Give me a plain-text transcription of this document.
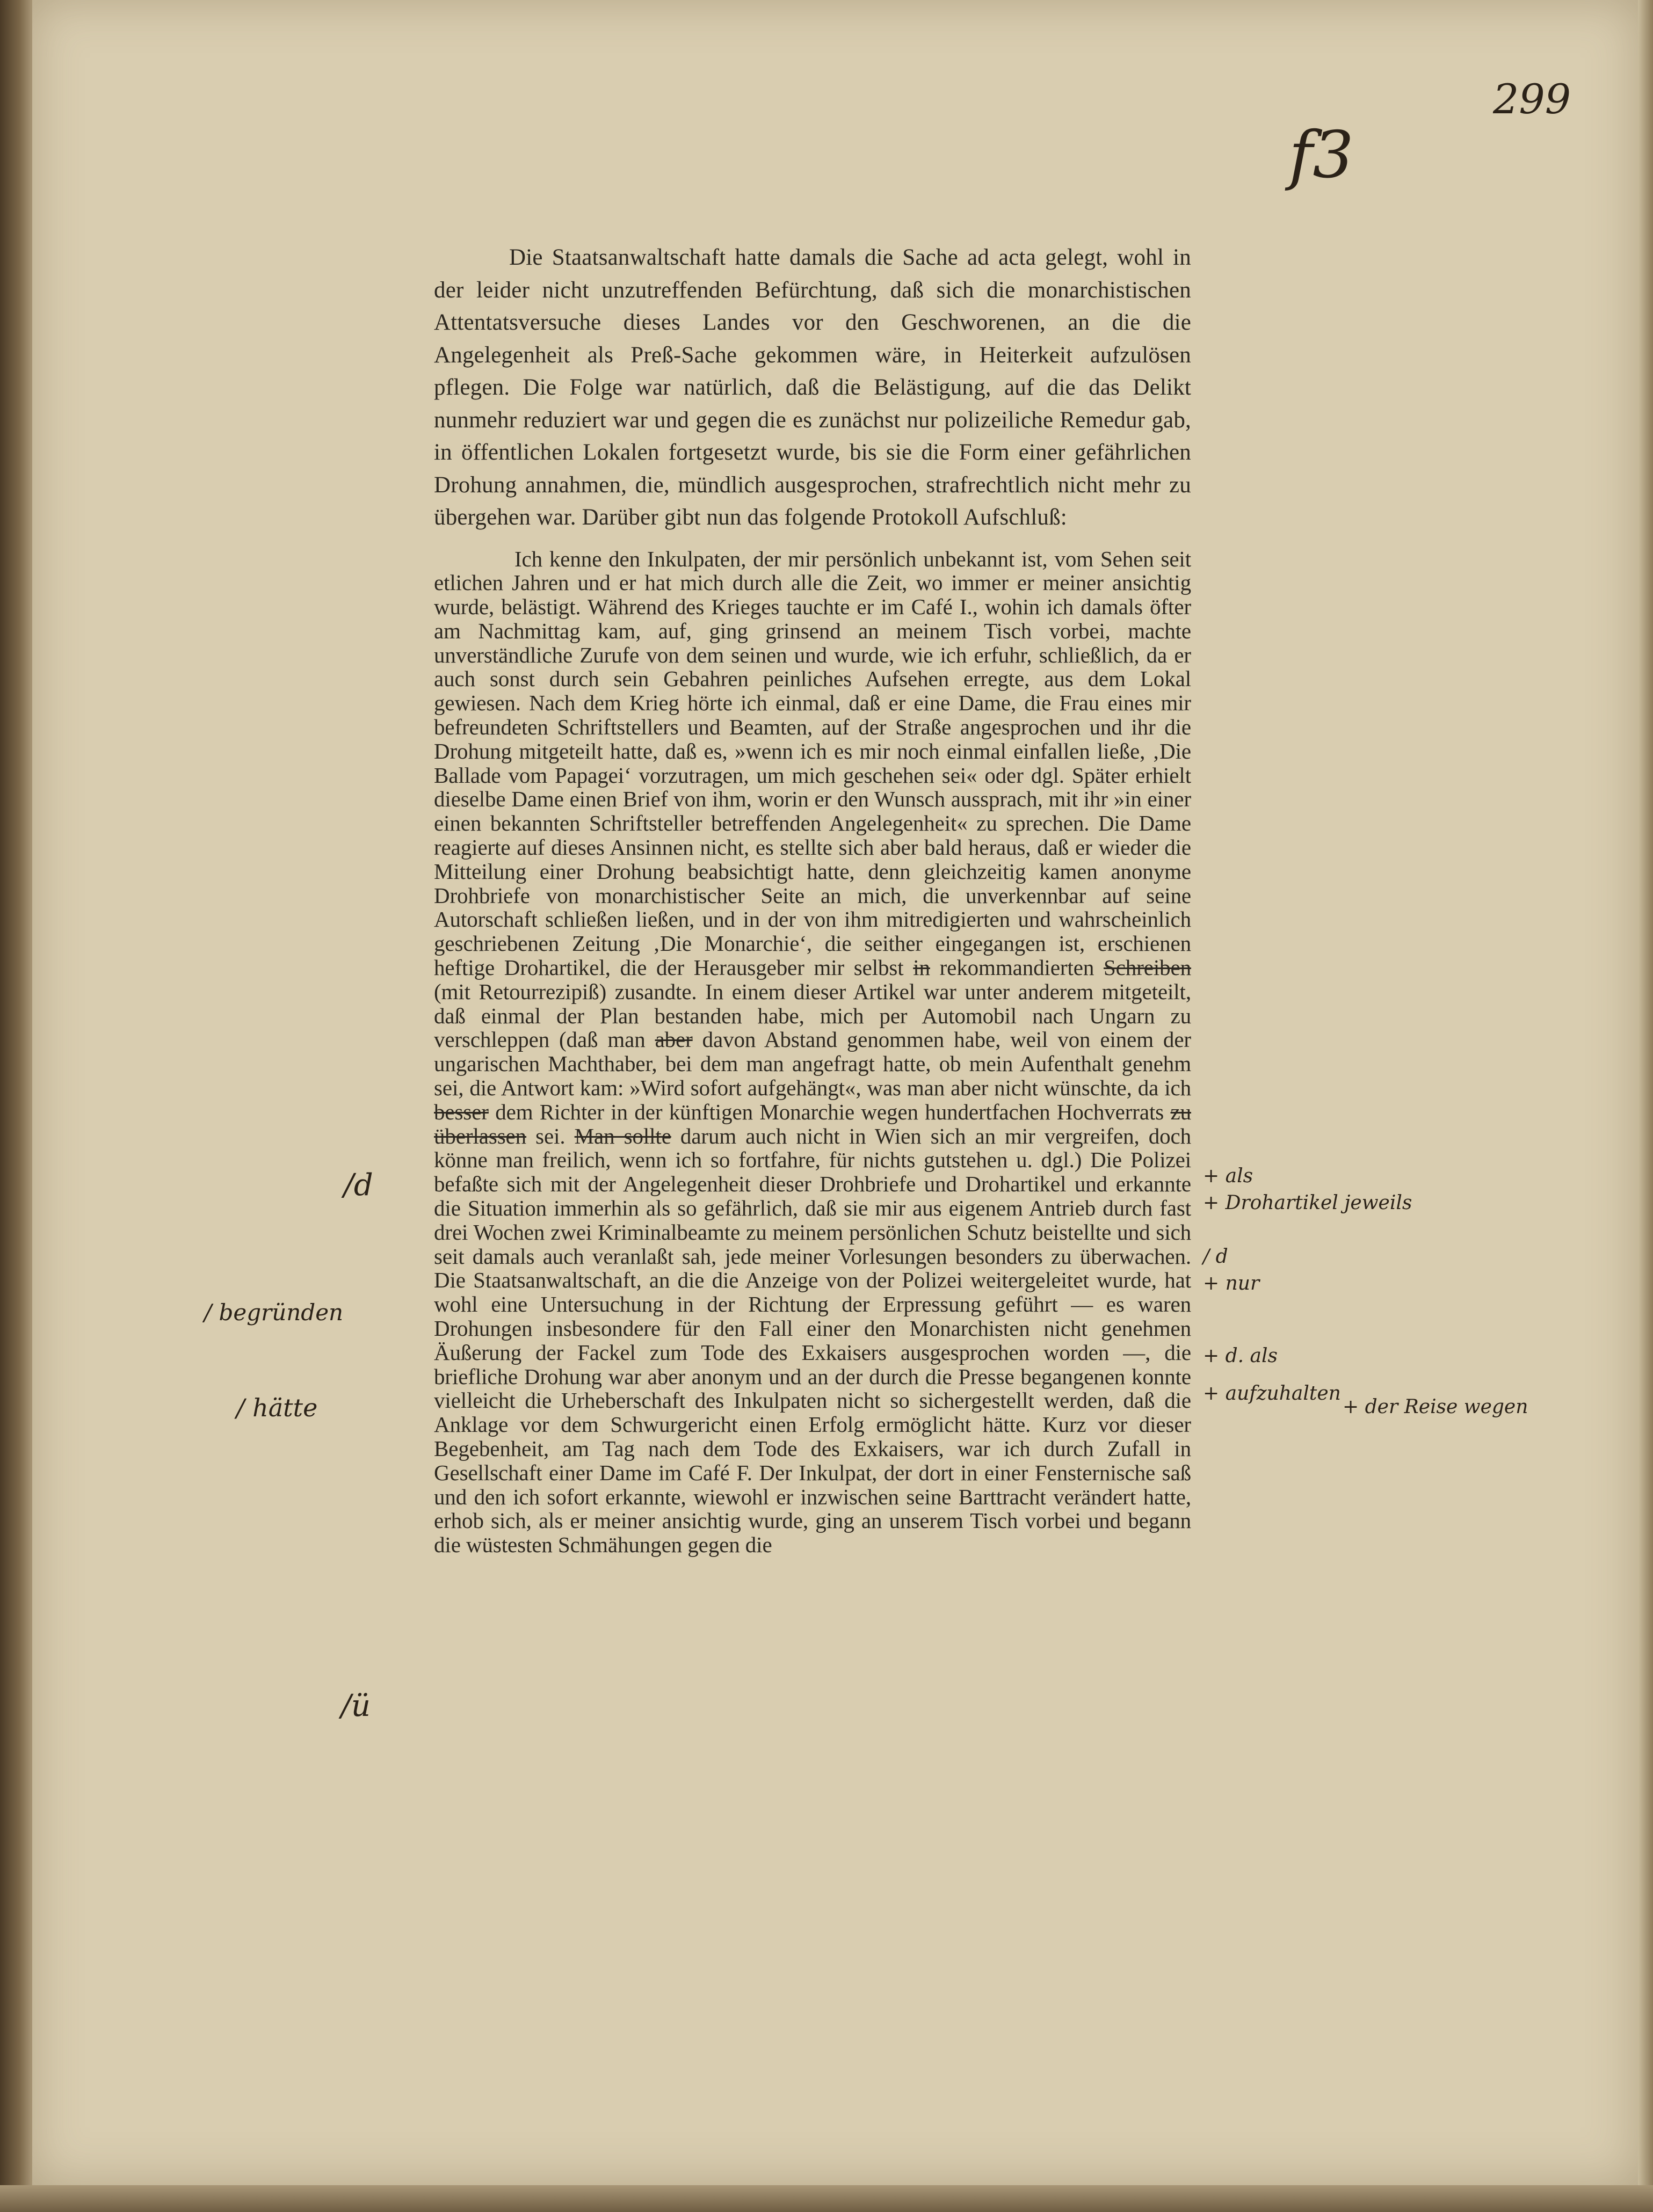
299
f3

Die Staatsanwaltschaft hatte damals die Sache ad acta gelegt, wohl in der leider nicht unzutreffenden Befürchtung, daß sich die monarchistischen Attentatsversuche dieses Landes vor den Geschworenen, an die die Angelegenheit als Preß-Sache gekommen wäre, in Heiterkeit aufzulösen pflegen. Die Folge war natürlich, daß die Belästigung, auf die das Delikt nunmehr reduziert war und gegen die es zunächst nur polizeiliche Remedur gab, in öffentlichen Lokalen fortgesetzt wurde, bis sie die Form einer gefährlichen Drohung annahmen, die, mündlich ausgesprochen, strafrechtlich nicht mehr zu übergehen war. Darüber gibt nun das folgende Protokoll Aufschluß:

Ich kenne den Inkulpaten, der mir persönlich unbekannt ist, vom Sehen seit etlichen Jahren und er hat mich durch alle die Zeit, wo immer er meiner ansichtig wurde, belästigt. Während des Krieges tauchte er im Café I., wohin ich damals öfter am Nachmittag kam, auf, ging grinsend an meinem Tisch vorbei, machte unverständliche Zurufe von dem seinen und wurde, wie ich erfuhr, schließlich, da er auch sonst durch sein Gebahren peinliches Aufsehen erregte, aus dem Lokal gewiesen. Nach dem Krieg hörte ich einmal, daß er eine Dame, die Frau eines mir befreundeten Schriftstellers und Beamten, auf der Straße angesprochen und ihr die Drohung mitgeteilt hatte, daß es, »wenn ich es mir noch einmal einfallen ließe, ‚Die Ballade vom Papagei‘ vorzutragen, um mich geschehen sei« oder dgl. Später erhielt dieselbe Dame einen Brief von ihm, worin er den Wunsch aussprach, mit ihr »in einer einen bekannten Schriftsteller betreffenden Angelegenheit« zu sprechen. Die Dame reagierte auf dieses Ansinnen nicht, es stellte sich aber bald heraus, daß er wieder die Mitteilung einer Drohung beabsichtigt hatte, denn gleichzeitig kamen anonyme Drohbriefe von monarchistischer Seite an mich, die unverkennbar auf seine Autorschaft schließen ließen, und in der von ihm mitredigierten und wahrscheinlich geschriebenen Zeitung ‚Die Monarchie‘, die seither eingegangen ist, erschienen heftige Drohartikel, die der Herausgeber mir selbst in rekommandierten Schreiben (mit Retourrezipiß) zusandte. In einem dieser Artikel war unter anderem mitgeteilt, daß einmal der Plan bestanden habe, mich per Automobil nach Ungarn zu verschleppen (daß man aber davon Abstand genommen habe, weil von einem der ungarischen Machthaber, bei dem man angefragt hatte, ob mein Aufenthalt genehm sei, die Antwort kam: »Wird sofort aufgehängt«, was man aber nicht wünschte, da ich besser dem Richter in der künftigen Monarchie wegen hundertfachen Hochverrats zu überlassen sei. Man sollte darum auch nicht in Wien sich an mir vergreifen, doch könne man freilich, wenn ich so fortfahre, für nichts gutstehen u. dgl.) Die Polizei befaßte sich mit der Angelegenheit dieser Drohbriefe und Drohartikel und erkannte die Situation immerhin als so gefährlich, daß sie mir aus eigenem Antrieb durch fast drei Wochen zwei Kriminalbeamte zu meinem persönlichen Schutz beistellte und sich seit damals auch veranlaßt sah, jede meiner Vorlesungen besonders zu überwachen. Die Staatsanwaltschaft, an die die Anzeige von der Polizei weitergeleitet wurde, hat wohl eine Untersuchung in der Richtung der Erpressung geführt — es waren Drohungen insbesondere für den Fall einer den Monarchisten nicht genehmen Äußerung der Fackel zum Tode des Exkaisers ausgesprochen worden —, die briefliche Drohung war aber anonym und an der durch die Presse begangenen konnte vielleicht die Urheberschaft des Inkulpaten nicht so sichergestellt werden, daß die Anklage vor dem Schwurgericht einen Erfolg ermöglicht hätte. Kurz vor dieser Begebenheit, am Tag nach dem Tode des Exkaisers, war ich durch Zufall in Gesellschaft einer Dame im Café F. Der Inkulpat, der dort in einer Fensternische saß und den ich sofort erkannte, wiewohl er inzwischen seine Barttracht verändert hatte, erhob sich, als er meiner ansichtig wurde, ging an unserem Tisch vorbei und begann die wüstesten Schmähungen gegen die

/d
/ begründen
/ hätte
/ü
+ als
+ Drohartikel jeweils
/ d
+ nur
+ d. als
+ aufzuhalten
+ der Reise wegen
